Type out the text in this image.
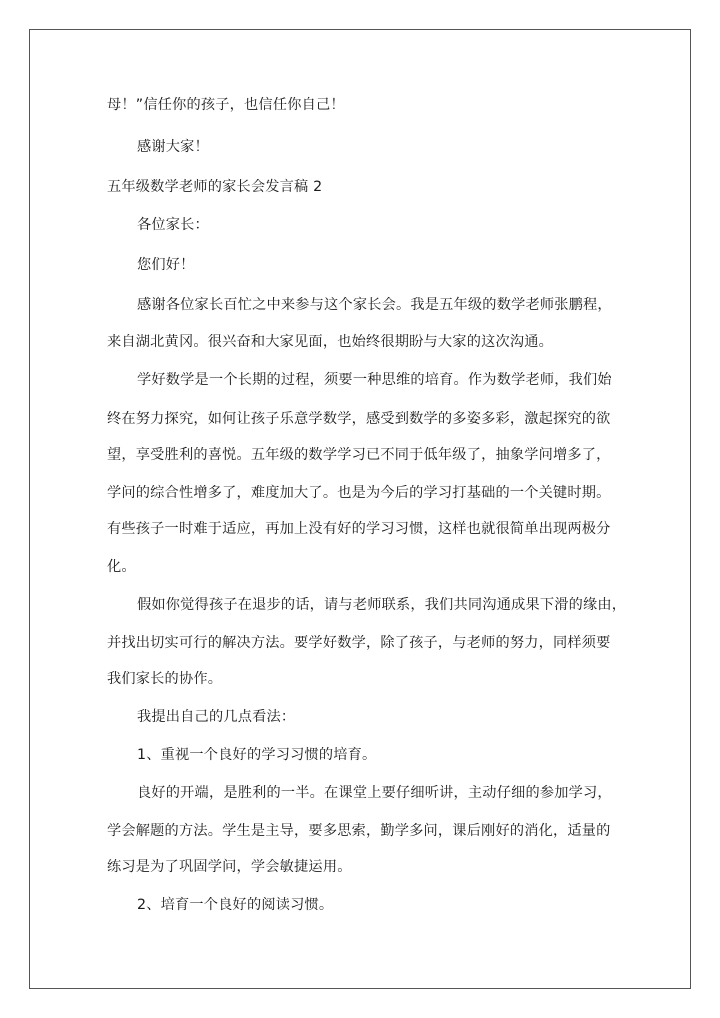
母！”信任你的孩子，也信任你自己！
感谢大家！
五年级数学老师的家长会发言稿 2
各位家长：
您们好！
感谢各位家长百忙之中来参与这个家长会。我是五年级的数学老师张鹏程，
来自湖北黄冈。很兴奋和大家见面，也始终很期盼与大家的这次沟通。
学好数学是一个长期的过程，须要一种思维的培育。作为数学老师，我们始
终在努力探究，如何让孩子乐意学数学，感受到数学的多姿多彩，激起探究的欲
望，享受胜利的喜悦。五年级的数学学习已不同于低年级了，抽象学问增多了，
学问的综合性增多了，难度加大了。也是为今后的学习打基础的一个关键时期。
有些孩子一时难于适应，再加上没有好的学习习惯，这样也就很简单出现两极分
化。
假如你觉得孩子在退步的话，请与老师联系，我们共同沟通成果下滑的缘由，
并找出切实可行的解决方法。要学好数学，除了孩子，与老师的努力，同样须要
我们家长的协作。
我提出自己的几点看法：
1、重视一个良好的学习习惯的培育。
良好的开端，是胜利的一半。在课堂上要仔细听讲，主动仔细的参加学习，
学会解题的方法。学生是主导，要多思索，勤学多问，课后刚好的消化，适量的
练习是为了巩固学问，学会敏捷运用。
2、培育一个良好的阅读习惯。
